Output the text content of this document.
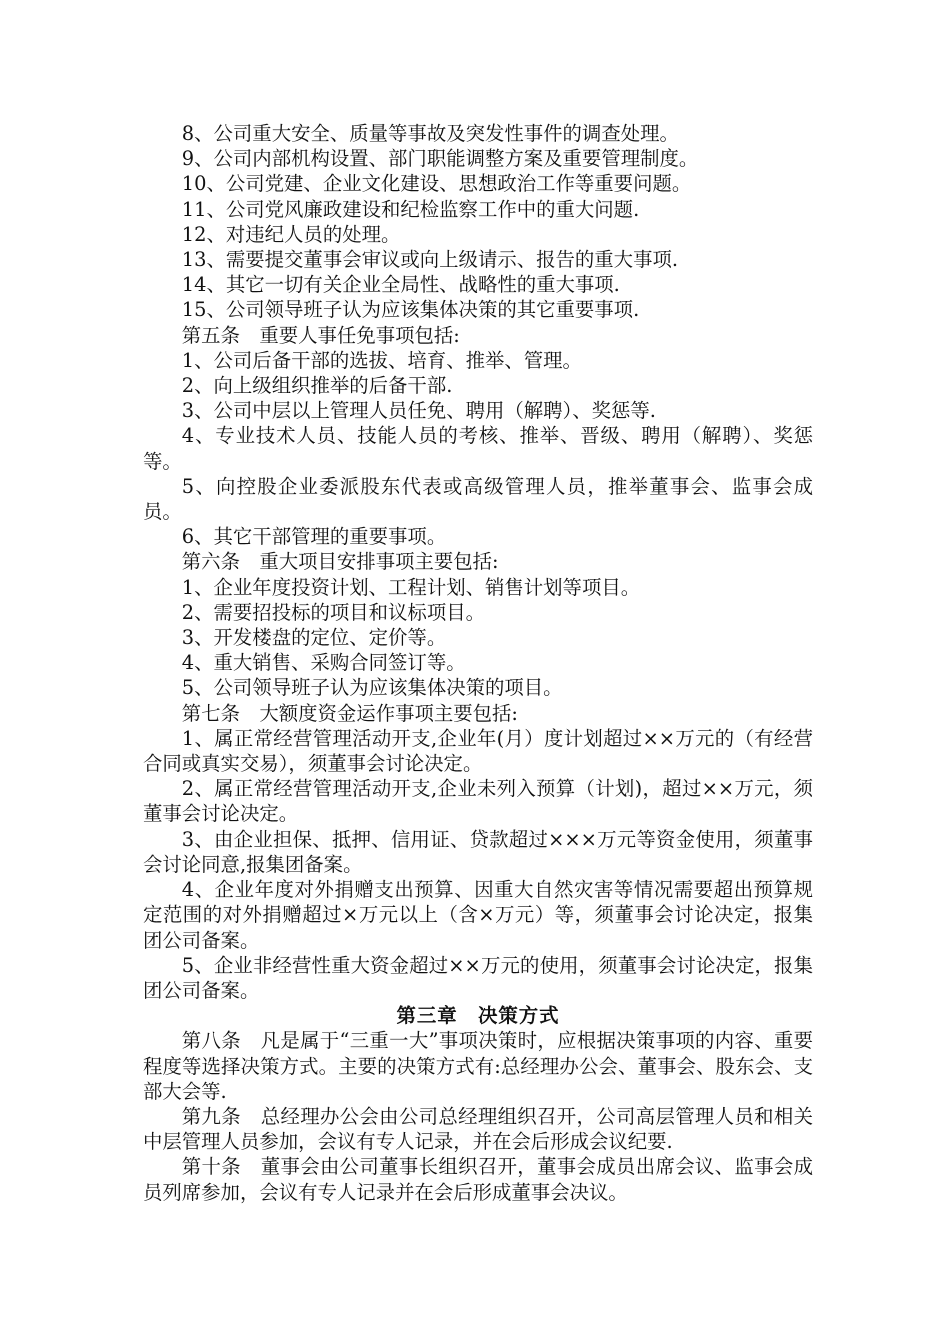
8、公司重大安全、质量等事故及突发性事件的调查处理。

9、公司内部机构设置、部门职能调整方案及重要管理制度。

10、公司党建、企业文化建设、思想政治工作等重要问题。

11、公司党风廉政建设和纪检监察工作中的重大问题.

12、对违纪人员的处理。

13、需要提交董事会审议或向上级请示、报告的重大事项.

14、其它一切有关企业全局性、战略性的重大事项.

15、公司领导班子认为应该集体决策的其它重要事项.

第五条　重要人事任免事项包括:

1、公司后备干部的选拔、培育、推举、管理。

2、向上级组织推举的后备干部.

3、公司中层以上管理人员任免、聘用（解聘）、奖惩等.

4、专业技术人员、技能人员的考核、推举、晋级、聘用（解聘）、奖惩等。

5、向控股企业委派股东代表或高级管理人员，推举董事会、监事会成员。

6、其它干部管理的重要事项。

第六条　重大项目安排事项主要包括:

1、企业年度投资计划、工程计划、销售计划等项目。

2、需要招投标的项目和议标项目。

3、开发楼盘的定位、定价等。

4、重大销售、采购合同签订等。

5、公司领导班子认为应该集体决策的项目。

第七条　大额度资金运作事项主要包括:

1、属正常经营管理活动开支,企业年(月）度计划超过××万元的（有经营合同或真实交易），须董事会讨论决定。

2、属正常经营管理活动开支,企业未列入预算（计划)，超过××万元，须董事会讨论决定。

3、由企业担保、抵押、信用证、贷款超过×××万元等资金使用，须董事会讨论同意,报集团备案。

4、企业年度对外捐赠支出预算、因重大自然灾害等情况需要超出预算规定范围的对外捐赠超过×万元以上（含×万元）等，须董事会讨论决定，报集团公司备案。

5、企业非经营性重大资金超过××万元的使用，须董事会讨论决定，报集团公司备案。

第三章　决策方式

第八条　凡是属于“三重一大”事项决策时，应根据决策事项的内容、重要程度等选择决策方式。主要的决策方式有:总经理办公会、董事会、股东会、支部大会等.

第九条　总经理办公会由公司总经理组织召开，公司高层管理人员和相关中层管理人员参加，会议有专人记录，并在会后形成会议纪要.

第十条　董事会由公司董事长组织召开，董事会成员出席会议、监事会成员列席参加，会议有专人记录并在会后形成董事会决议。
